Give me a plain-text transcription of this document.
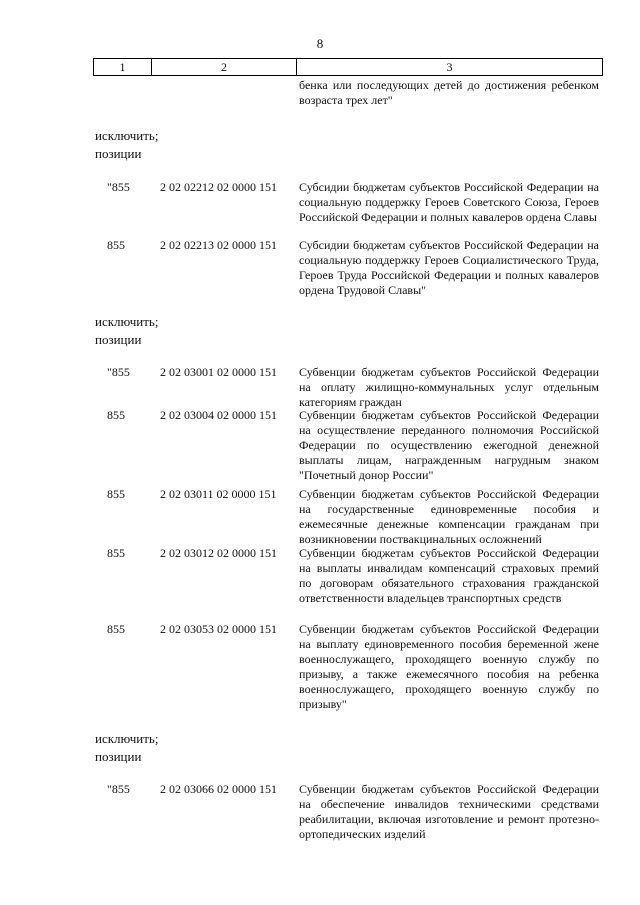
8
1	2	3
бенка или последующих детей до достижения ребенком возраста трех лет"
исключить;
позиции
"855	2 02 02212 02 0000 151 Субсидии бюджетам субъектов Российской Федерации на социальную поддержку Героев Советского Союза, Героев Российской Федерации и полных кавалеров ордена Славы
855	2 02 02213 02 0000 151 Субсидии бюджетам субъектов Российской Федерации на социальную поддержку Героев Социалистического Труда, Героев Труда Российской Федерации и полных кавалеров ордена Трудовой Славы"
исключить;
позиции
"855	2 02 03001 02 0000 151 Субвенции бюджетам субъектов Российской Федерации на оплату жилищно-коммунальных услуг отдельным категориям граждан
855	2 02 03004 02 0000 151 Субвенции бюджетам субъектов Российской Федерации на осуществление переданного полномочия Российской Федерации по осуществлению ежегодной денежной выплаты лицам, награжденным нагрудным знаком "Почетный донор России"
855	2 02 03011 02 0000 151 Субвенции бюджетам субъектов Российской Федерации на государственные единовременные пособия и ежемесячные денежные компенсации гражданам при возникновении поствакцинальных осложнений
855	2 02 03012 02 0000 151 Субвенции бюджетам субъектов Российской Федерации на выплаты инвалидам компенсаций страховых премий по договорам обязательного страхования гражданской ответственности владельцев транспортных средств
855	2 02 03053 02 0000 151 Субвенции бюджетам субъектов Российской Федерации на выплату единовременного пособия беременной жене военнослужащего, проходящего военную службу по призыву, а также ежемесячного пособия на ребенка военнослужащего, проходящего военную службу по призыву"
исключить;
позиции
"855	2 02 03066 02 0000 151 Субвенции бюджетам субъектов Российской Федерации на обеспечение инвалидов техническими средствами реабилитации, включая изготовление и ремонт протезно-ортопедических изделий
